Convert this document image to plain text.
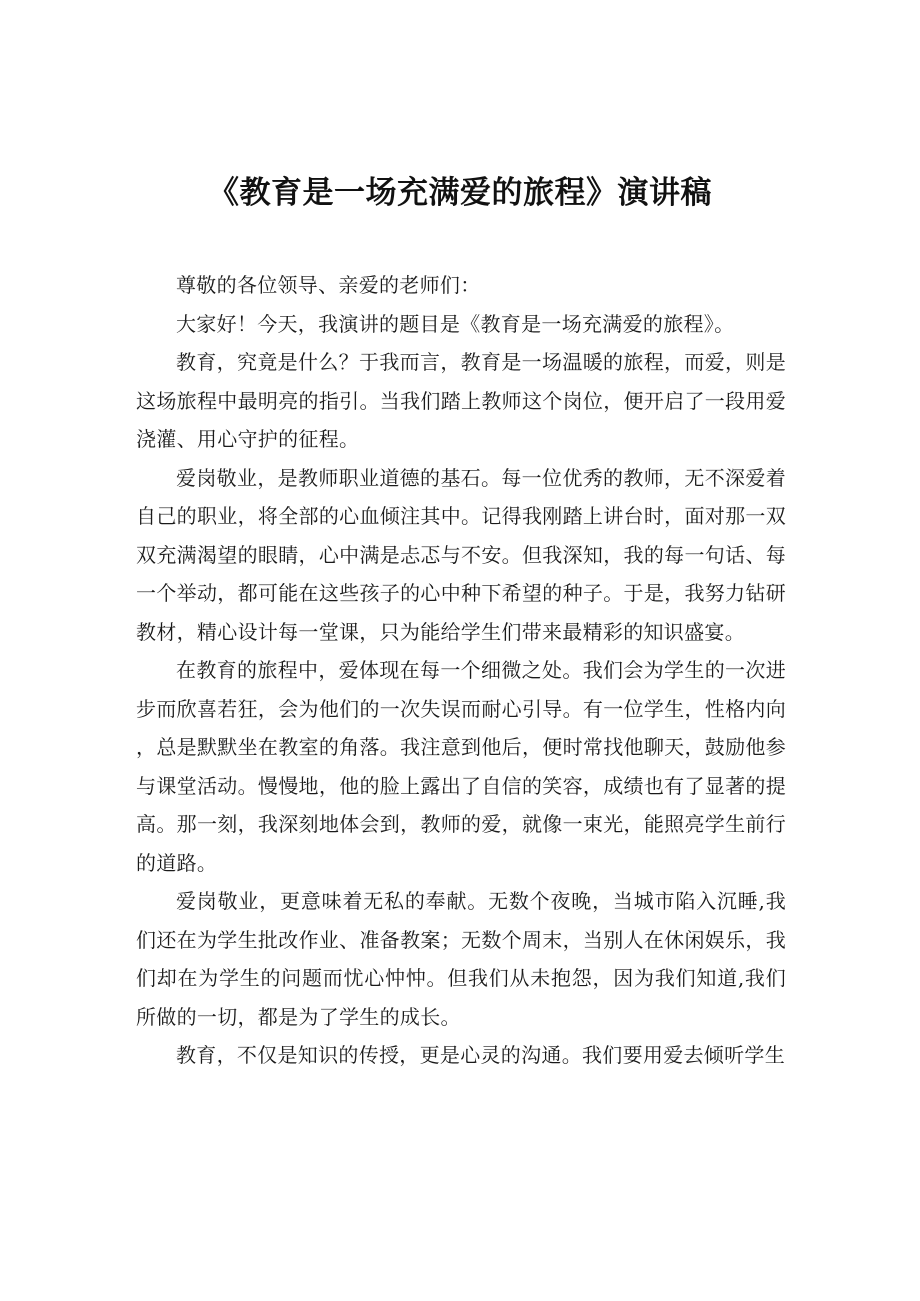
《教育是一场充满爱的旅程》演讲稿

尊敬的各位领导、亲爱的老师们：

大家好！今天，我演讲的题目是《教育是一场充满爱的旅程》。

教育，究竟是什么？于我而言，教育是一场温暖的旅程，而爱，则是这场旅程中最明亮的指引。当我们踏上教师这个岗位，便开启了一段用爱浇灌、用心守护的征程。

爱岗敬业，是教师职业道德的基石。每一位优秀的教师，无不深爱着自己的职业，将全部的心血倾注其中。记得我刚踏上讲台时，面对那一双双充满渴望的眼睛，心中满是忐忑与不安。但我深知，我的每一句话、每一个举动，都可能在这些孩子的心中种下希望的种子。于是，我努力钻研教材，精心设计每一堂课，只为能给学生们带来最精彩的知识盛宴。

在教育的旅程中，爱体现在每一个细微之处。我们会为学生的一次进步而欣喜若狂，会为他们的一次失误而耐心引导。有一位学生，性格内向，总是默默坐在教室的角落。我注意到他后，便时常找他聊天，鼓励他参与课堂活动。慢慢地，他的脸上露出了自信的笑容，成绩也有了显著的提高。那一刻，我深刻地体会到，教师的爱，就像一束光，能照亮学生前行的道路。

爱岗敬业，更意味着无私的奉献。无数个夜晚，当城市陷入沉睡,我们还在为学生批改作业、准备教案；无数个周末，当别人在休闲娱乐，我们却在为学生的问题而忧心忡忡。但我们从未抱怨，因为我们知道,我们所做的一切，都是为了学生的成长。

教育，不仅是知识的传授，更是心灵的沟通。我们要用爱去倾听学生
